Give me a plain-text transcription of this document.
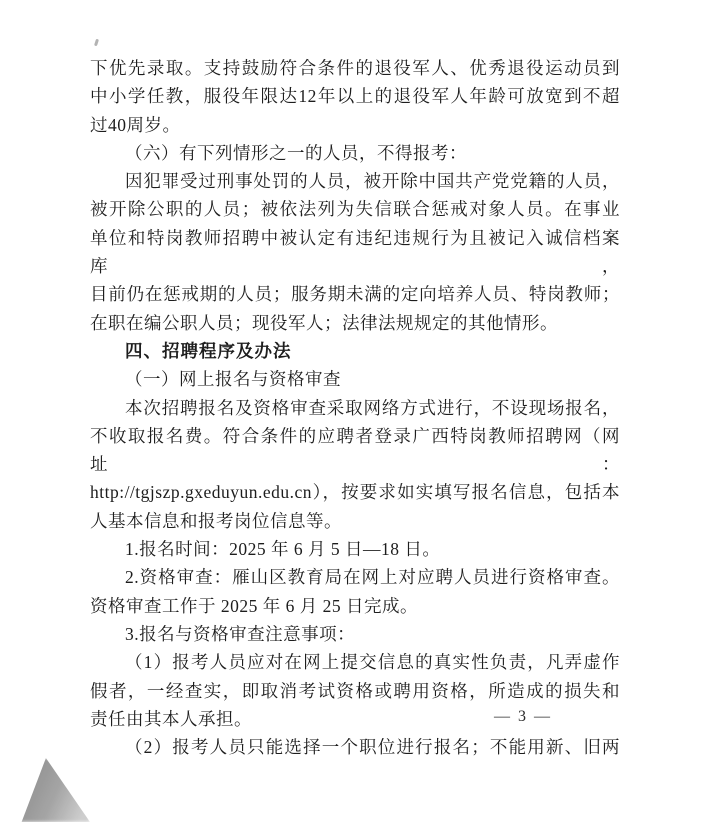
下优先录取。支持鼓励符合条件的退役军人、优秀退役运动员到
中小学任教，服役年限达12年以上的退役军人年龄可放宽到不超
过40周岁。
（六）有下列情形之一的人员，不得报考：
因犯罪受过刑事处罚的人员，被开除中国共产党党籍的人员，
被开除公职的人员；被依法列为失信联合惩戒对象人员。在事业
单位和特岗教师招聘中被认定有违纪违规行为且被记入诚信档案库，
目前仍在惩戒期的人员；服务期未满的定向培养人员、特岗教师；
在职在编公职人员；现役军人；法律法规规定的其他情形。
四、招聘程序及办法
（一）网上报名与资格审查
本次招聘报名及资格审查采取网络方式进行，不设现场报名，
不收取报名费。符合条件的应聘者登录广西特岗教师招聘网（网址：
http://tgjszp.gxeduyun.edu.cn），按要求如实填写报名信息，包括本
人基本信息和报考岗位信息等。
1.报名时间：2025 年 6 月 5 日—18 日。
2.资格审查：雁山区教育局在网上对应聘人员进行资格审查。
资格审查工作于 2025 年 6 月 25 日完成。
3.报名与资格审查注意事项：
（1）报考人员应对在网上提交信息的真实性负责，凡弄虚作
假者，一经查实，即取消考试资格或聘用资格，所造成的损失和
责任由其本人承担。
（2）报考人员只能选择一个职位进行报名；不能用新、旧两
— 3 —
